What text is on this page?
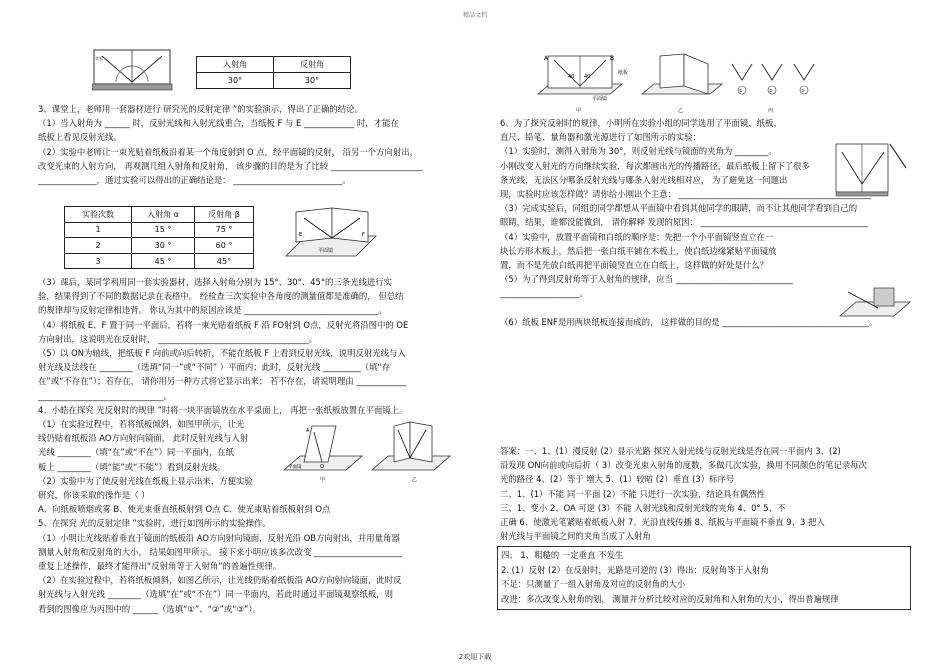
精品文档
实验
入射角	反射角
30°	30°

3、课堂上，老师用一套器材进行 研究光的反射定律 ”的实验演示，得出了正确的结论。

（1）当入射角为 ______ 时，反射光线和入射光线重合，当纸板 F 与 E ____________ 时，才能在

纸板上看见反射光线。

（2）实验中老师让一束光贴着纸板沿着某一个角度射到 O 点，经平面镜的反射， 沿另一个方向射出，

改变光束的入射方向， 再观测几组入射角和反射角， 该步骤的目的是为了比较 ______________________

______________，通过实验可以得出的正确结论是： __________________________。

实验次数	入射角 α	反射角 β
1	15 °	75 °
2	30 °	60 °
3	45 °	45°
平面镜
E	F

（3）课后，某同学利用同一套实验器材，选择入射角分别为 15°、30°、45°的三条光线进行实

验，结果得到了不同的数据记录在表格中。 经检查三次实验中各角度的测量值都是准确的， 但总结

的规律却与反射定律相违背。 你认为其中的原因应该是 ________________________________。

（4）将纸板 E、F 置于同一平面后，若将一束光贴着纸板 F 沿 FO射到 O点，反射光将沿图中的 OE

方向射出，这说明光在反射时， ____________________________________。

（5）以 ON为轴线，把纸板 F 向前或向后转折，不能在纸板 F 上看到反射光线，说明反射光线与入

射光线及法线在 ________（选填“同一”或“不同” ）平面内；此时，反射光线 _________（填“存

在”或“不存在”）；若存在， 请你用另一种方式将它显示出来； 若不存在，请说明理由 ____________

______________________________。

4、小皓在探究 光反射时的规律 ”时将一块平面镜放在水平桌面上， 再把一张纸板放置在平面镜上。

（1）在实验过程中，若将纸板倾斜，如图甲所示，让光

线仍贴着纸板沿 AO方向射向镜面， 此时反射光线与入射

光线 ________（填“在”或“不在”）同一平面内，在纸

板上 ________（填“能”或“不能”）看到反射光线。

（2）实验中为了使反射光线在纸板上显示出来，方便实验

研究，你该采取的操作是（ ）

A、向纸板喷烟或雾 B、使光束垂直纸板射到 O点 C、使光束贴着纸板射到 O点

5、在探究 光的反射定律 ”实验时，进行如图所示的实验操作。

（1）小明让光线贴着垂直于镜面的纸板沿 AO方向射向镜面，反射光沿 OB方向射出，并用量角器

测量入射角和反射角的大小， 结果如图甲所示。 接下来小明应该多次改变 _____________________

重复上述操作，最终才能得出“反射角等于入射角”的普遍性规律。

（2）在实验过程中，若将纸板倾斜，如图乙所示，让光线仍贴着纸板沿 AO方向射向镜面，此时反

射光线与入射光线 ________（选填“在”或“不在”）同一平面内，若此时通过平面镜观察纸板，则

看到的图像应为丙图中的 ______（选填“①”、“②”或“③”）。

A
O
平面镜
甲	乙
A	B
40 40
纸板
平面镜
甲	乙
①	②	③
丙

6、为了探究反射时的规律，小明所在实验小组的同学选用了平面镜、纸板、

直尺、铅笔、量角器和激光源进行了如图所示的实验：

（1）实验时，测得入射角为 30°，则反射光线与镜面的夹角为 ________。

小刚改变入射光的方向继续实验，每次都画出光的传播路径，最后纸板上留下了很多

条光线，无法区分哪条反射光线与哪条入射光线相对应， 为了避免这一问题出

现，实验时应该怎样做？请你给小刚出个主意： ______________________________________________

（3）完成实验后，同组的同学都想从平面镜中看到其他同学的眼睛，而不让其他同学看到自己的

眼睛，结果，谁都没能做到， 请你解释 发现的原因： ________________________________________

（4）实验中，放置平面镜和白纸的顺序是：先把一个小平面镜竖直立在一

块长方形木板上，然后把一张白纸平铺在木板上，使白纸边缘紧贴平面镜放

置，而不是先放白纸再把平面镜竖直立在白纸上，这样做的好处是什么？

（5）为了得到反射角等于入射角的规律，应当 ____________________________

___________________。

（6）纸板 ENF是用两块纸板连接而成的， 这样做的目的是 ___________________________________。

答案：一、1、(1）漫反射 (2）显示光路 探究入射光线与反射光线是否在同一平面内 3、(2)

沿发现 ON向前或向后折（ 3）改变光束入射角的度数，多做几次实验，换用不同颜色的笔记录每次

光的路径 4、(2）等于 增大 5、(1）较暗 (2）垂直 (3）标序号

二、1、(1）不能 同一平面 (2）不能 只进行一次实验，结论具有偶然性

三、1、变小 2、OA 可逆 (3）不能 入射光线和反射光线的夹角 4、0° 5、不

正确 6、使激光笔紧贴着纸板入射 7、光沿直线传播 8、纸板与平面镜不垂直 9、3 把入

射光线与平面镜之间的夹角当成了入射角

四、 1、粗糙的 一定垂直 不发生

2. (1）反射 (2）在反射时，光路是可逆的 (3）得出：反射角等于入射角

不足：只测量了一组入射角及对应的反射角的大小

改进：多次改变入射角的划， 测量并分析比较对应的反射角和入射角的大小，得出普遍规律

2欢迎下载
